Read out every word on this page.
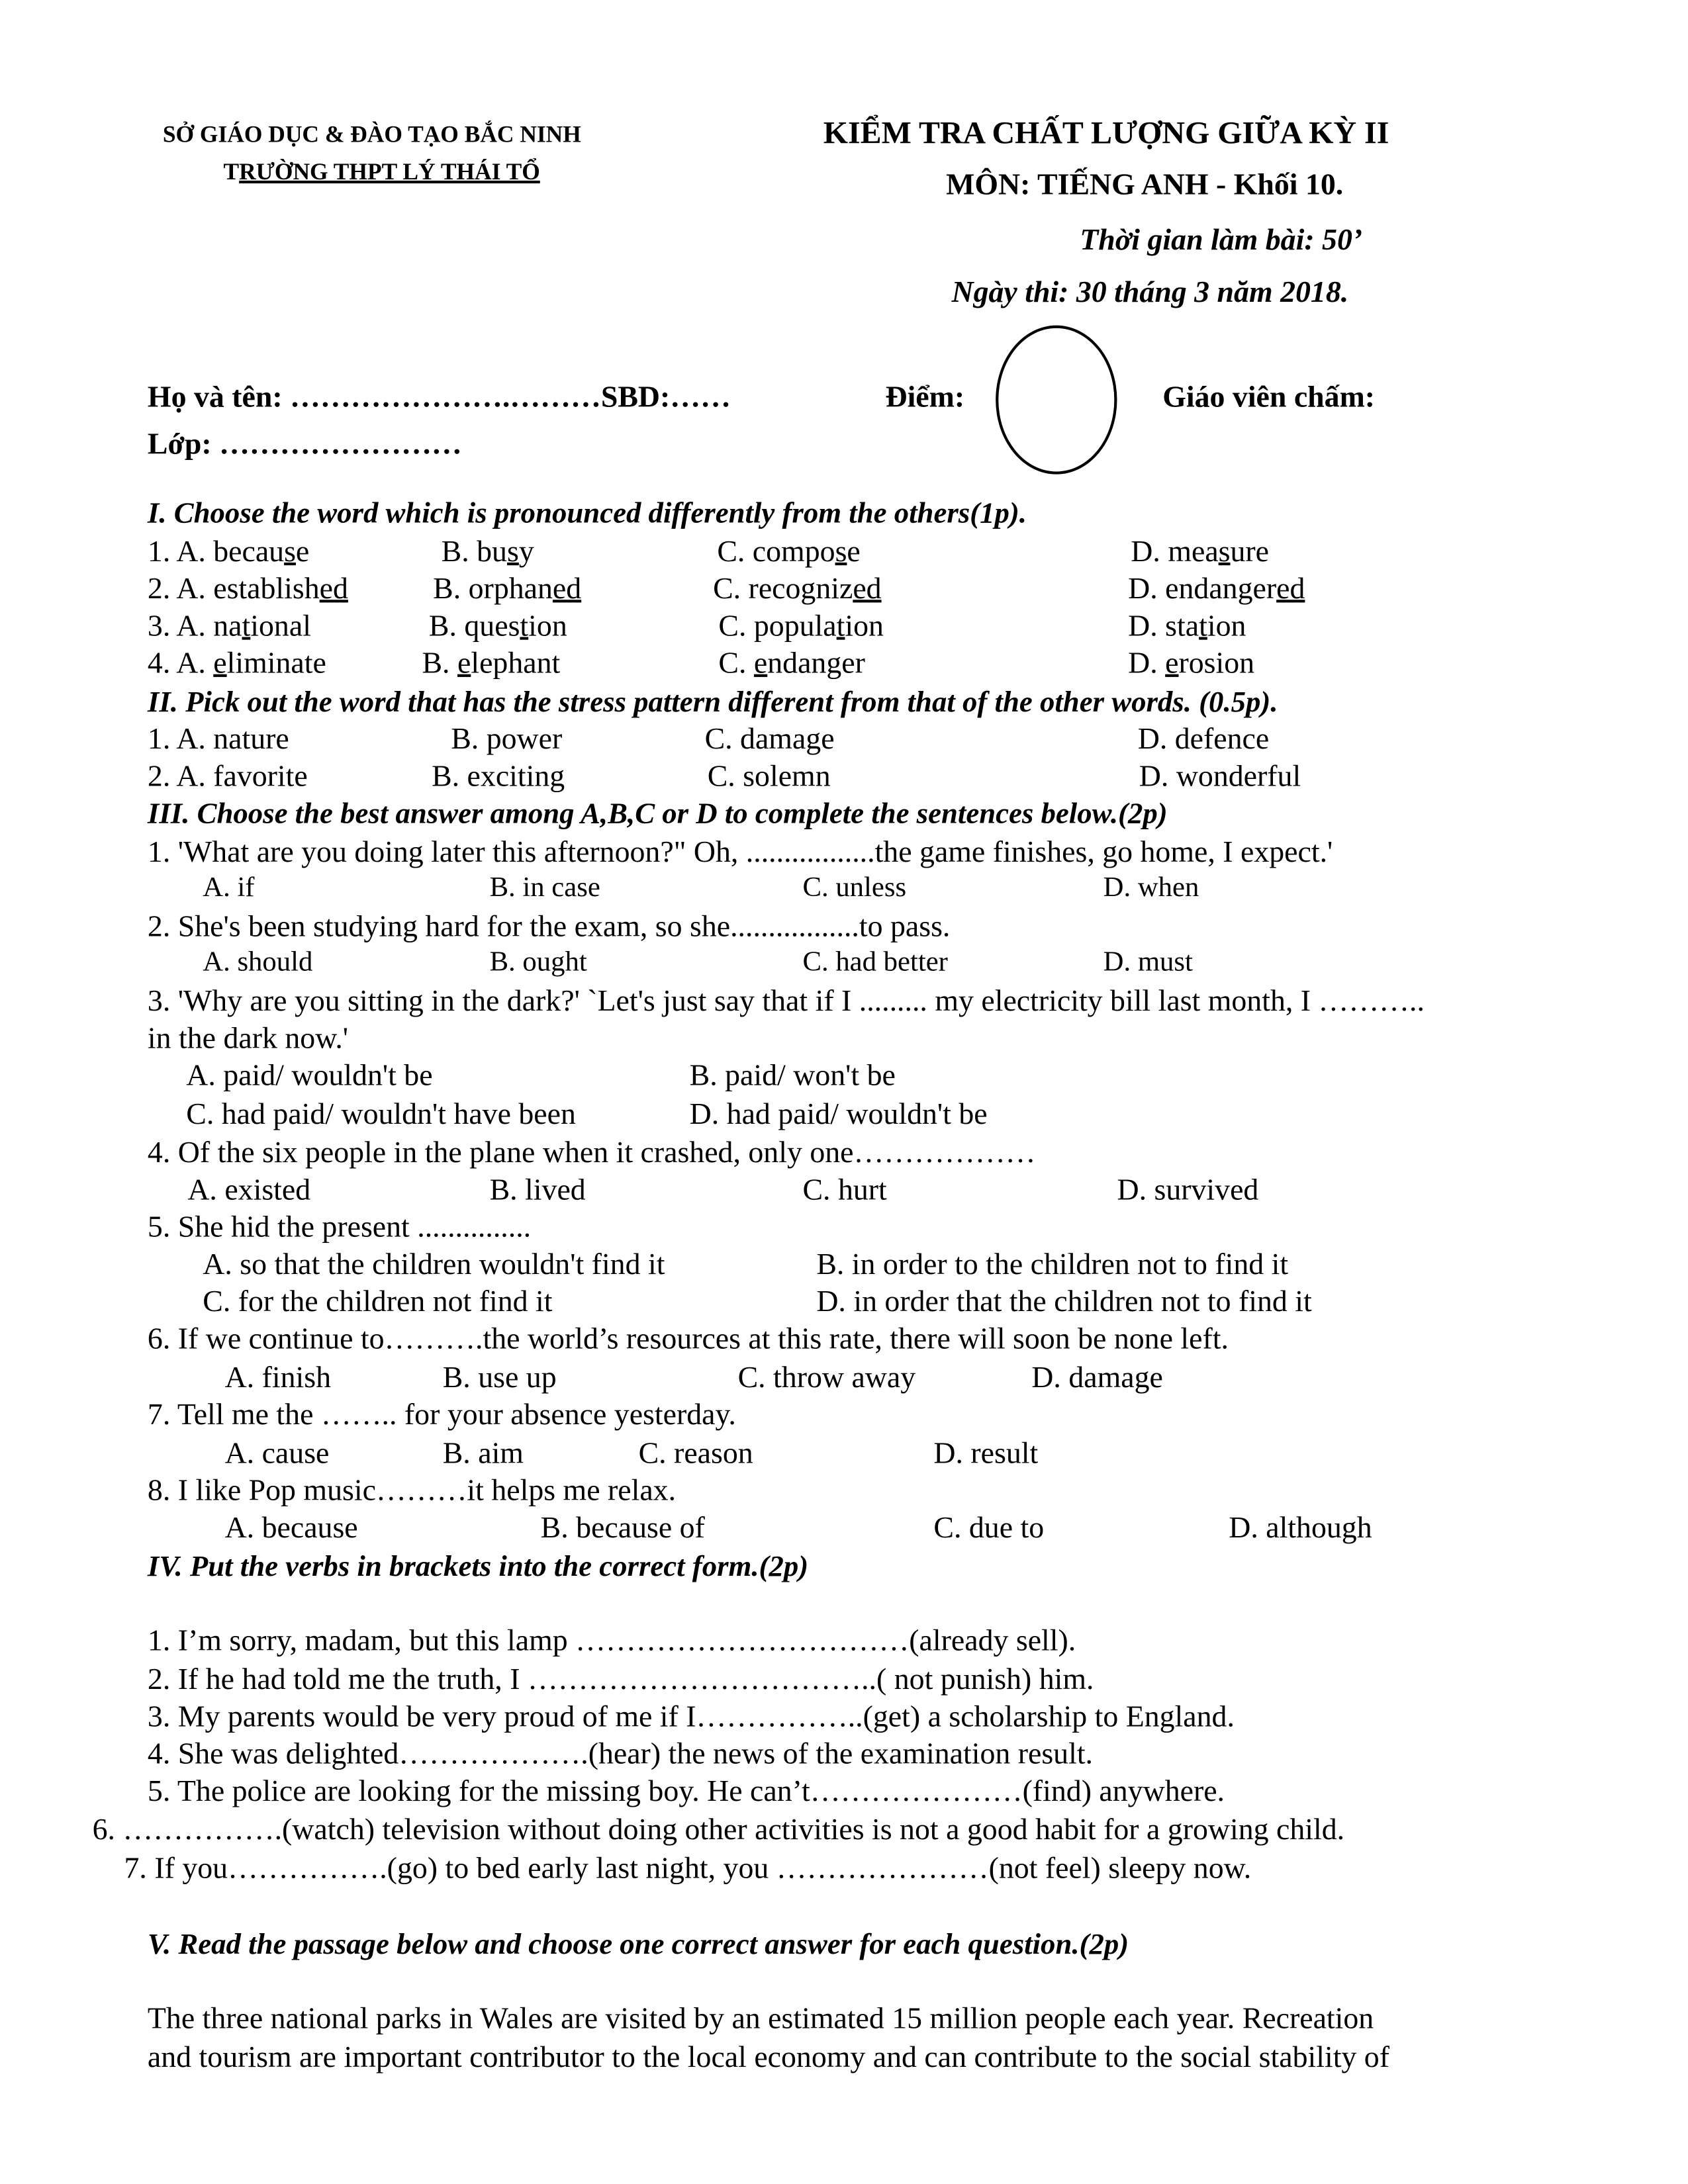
SỞ GIÁO DỤC & ĐÀO TẠO BẮC NINH
TRƯỜNG THPT LÝ THÁI TỔ
KIỂM TRA CHẤT LƯỢNG GIỮA KỲ II
MÔN: TIẾNG ANH - Khối 10.
Thời gian làm bài: 50’
Ngày thi: 30 tháng 3 năm 2018.
Họ và tên: ………………….………SBD:……	Điểm:	Giáo viên chấm:
Lớp: ……………………
I. Choose the word which is pronounced differently from the others(1p).
II. Pick out the word that has the stress pattern different from that of the other words. (0.5p).
III. Choose the best answer among A,B,C or D to complete the sentences below.(2p)
1. 'What are you doing later this afternoon?" Oh, .................the game finishes, go home, I expect.'
2. She's been studying hard for the exam, so she.................to pass.
3. 'Why are you sitting in the dark?' `Let's just say that if I ......... my electricity bill last month, I ………..
in the dark now.'
4. Of the six people in the plane when it crashed, only one………………
5. She hid the present ...............
6. If we continue to……….the world’s resources at this rate, there will soon be none left.
7. Tell me the …….. for your absence yesterday.
8. I like Pop music………it helps me relax.
IV. Put the verbs in brackets into the correct form.(2p)
V. Read the passage below and choose one correct answer for each question.(2p)
The three national parks in Wales are visited by an estimated 15 million people each year. Recreation
and tourism are important contributor to the local economy and can contribute to the social stability of
1. A. because	B. busy	C. compose	D. measure
2. A. established	B. orphaned	C. recognized	D. endangered
3. A. national	B. question	C. population	D. station
4. A. eliminate	B. elephant	C. endanger	D. erosion
1. A. nature	B. power	C. damage	D. defence
2. A. favorite	B. exciting	C. solemn	D. wonderful
A. if	B. in case	C. unless	D. when
A. should	B. ought	C. had better	D. must
A. paid/ wouldn't be	B. paid/ won't be
C. had paid/ wouldn't have been	D. had paid/ wouldn't be
A. existed	B. lived	C. hurt	D. survived
A. so that the children wouldn't find it	B. in order to the children not to find it
C. for the children not find it	D. in order that the children not to find it
A. finish	B. use up	C. throw away	D. damage
A. cause	B. aim	C. reason	D. result
A. because	B. because of	C. due to	D. although
1. I’m sorry, madam, but this lamp ……………………………(already sell).
2. If he had told me the truth, I ……………………………..( not punish) him.
3. My parents would be very proud of me if I……………..(get) a scholarship to England.
4. She was delighted……………….(hear) the news of the examination result.
5. The police are looking for the missing boy. He can’t…………………(find) anywhere.
6. …………….(watch) television without doing other activities is not a good habit for a growing child.
7. If you…………….(go) to bed early last night, you …………………(not feel) sleepy now.
